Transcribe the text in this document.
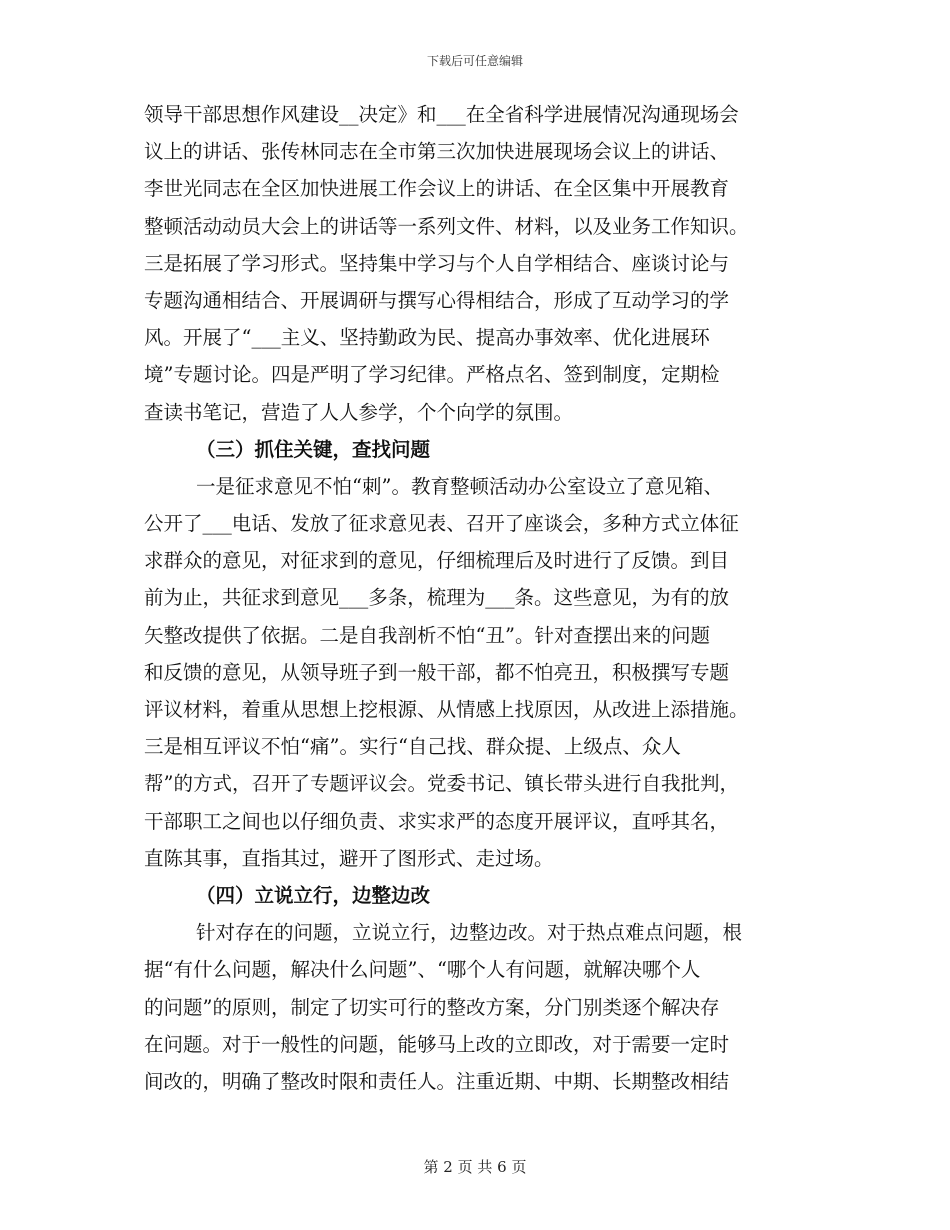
下载后可任意编辑
领导干部思想作风建设__决定》和___在全省科学进展情况沟通现场会
议上的讲话、张传林同志在全市第三次加快进展现场会议上的讲话、
李世光同志在全区加快进展工作会议上的讲话、在全区集中开展教育
整顿活动动员大会上的讲话等一系列文件、材料，以及业务工作知识。
三是拓展了学习形式。坚持集中学习与个人自学相结合、座谈讨论与
专题沟通相结合、开展调研与撰写心得相结合，形成了互动学习的学
风。开展了“___主义、坚持勤政为民、提高办事效率、优化进展环
境”专题讨论。四是严明了学习纪律。严格点名、签到制度，定期检
查读书笔记，营造了人人参学，个个向学的氛围。
（三）抓住关键，查找问题
一是征求意见不怕“刺”。教育整顿活动办公室设立了意见箱、
公开了___电话、发放了征求意见表、召开了座谈会，多种方式立体征
求群众的意见，对征求到的意见，仔细梳理后及时进行了反馈。到目
前为止，共征求到意见___多条，梳理为___条。这些意见，为有的放
矢整改提供了依据。二是自我剖析不怕“丑”。针对查摆出来的问题
和反馈的意见，从领导班子到一般干部，都不怕亮丑，积极撰写专题
评议材料，着重从思想上挖根源、从情感上找原因，从改进上添措施。
三是相互评议不怕“痛”。实行“自己找、群众提、上级点、众人
帮”的方式，召开了专题评议会。党委书记、镇长带头进行自我批判，
干部职工之间也以仔细负责、求实求严的态度开展评议，直呼其名，
直陈其事，直指其过，避开了图形式、走过场。
（四）立说立行，边整边改
针对存在的问题，立说立行，边整边改。对于热点难点问题，根
据“有什么问题，解决什么问题”、“哪个人有问题，就解决哪个人
的问题”的原则，制定了切实可行的整改方案，分门别类逐个解决存
在问题。对于一般性的问题，能够马上改的立即改，对于需要一定时
间改的，明确了整改时限和责任人。注重近期、中期、长期整改相结
第 2 页 共 6 页
